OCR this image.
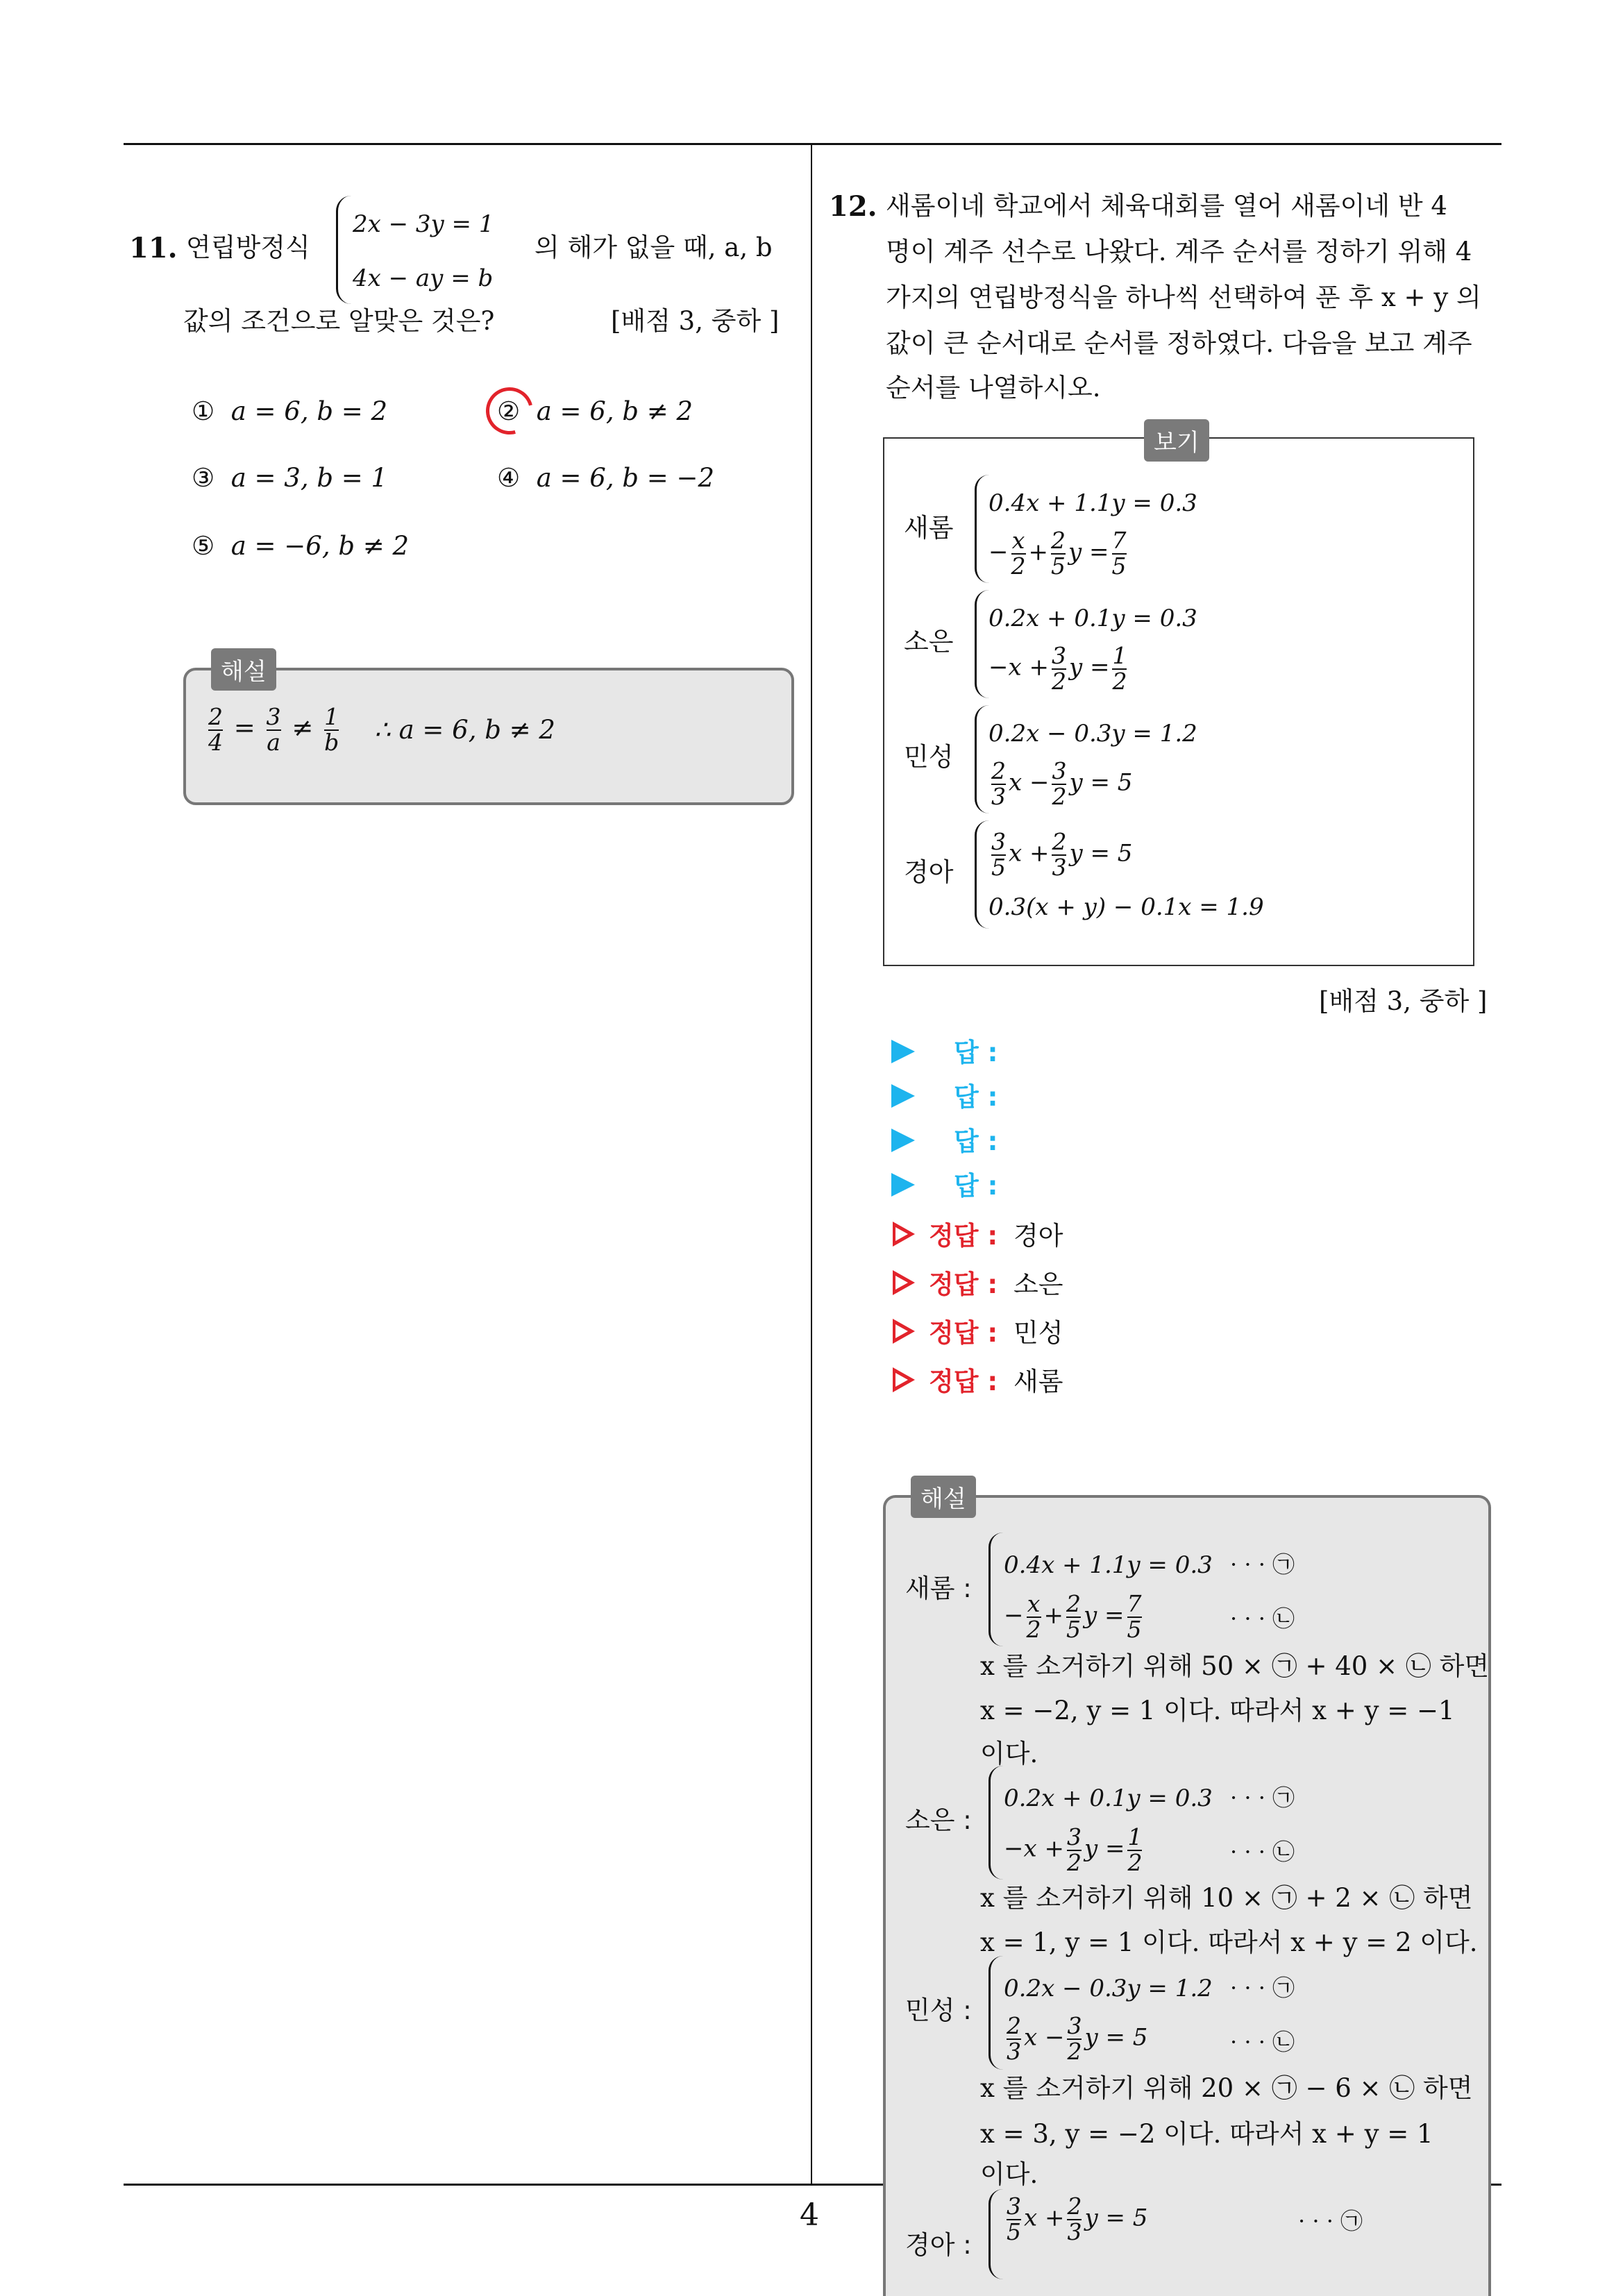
4
11. 연립방정식
2x − 3y = 1
4x − ay = b
의 해가 없을 때, a, b
값의 조건으로 알맞은 것은?	[배점 3, 중하 ]
① a = 6, b = 2	② a = 6, b ≠ 2
③ a = 3, b = 1	④ a = 6, b = −2
⑤ a = −6, b ≠ 2
해설
$\frac{2}{4} = \frac{3}{a} \ne \frac{1}{b}$ ∴ a = 6, b ≠ 2
12. 새롬이네 학교에서 체육대회를 열어 새롬이네 반 4
명이 계주 선수로 나왔다. 계주 순서를 정하기 위해 4
가지의 연립방정식을 하나씩 선택하여 푼 후 x + y 의
값이 큰 순서대로 순서를 정하였다. 다음을 보고 계주
순서를 나열하시오.
보기
새롬
0.4x + 1.1y = 0.3
− $\frac{x}{2} + \frac{2}{5}$ $y = \frac{7}{5}$
소은
0.2x + 0.1y = 0.3
$-x + \frac{3}{2}$ $y = \frac{1}{2}$
민성
0.2x − 0.3y = 1.2
$\frac{2}{3}$ $x - \frac{3}{2}$ y = 5
경아 $\frac{3}{5}$ $x + \frac{2}{3}$ y = 5
0.3(x + y) − 0.1x = 1.9
[배점 3, 중하 ]
답 :
답 :
답 :
답 :
정답 : 경아
정답 : 소은
정답 : 민성
정답 : 새롬
해설
새롬 :
0.4x + 1.1y = 0.3 · · · ㉠
− $\frac{x}{2} + \frac{2}{5}$ $y = \frac{7}{5}$	· · · ㉡
x 를 소거하기 위해 50 × ㉠ + 40 × ㉡ 하면
x = −2, y = 1 이다. 따라서 x + y = −1
이다.
소은 :
0.2x + 0.1y = 0.3 · · · ㉠
$-x + \frac{3}{2}$ $y = \frac{1}{2}$	· · · ㉡
x 를 소거하기 위해 10 × ㉠ + 2 × ㉡ 하면
x = 1, y = 1 이다. 따라서 x + y = 2 이다.
민성 :
0.2x − 0.3y = 1.2 · · · ㉠
$\frac{2}{3}$ $x - \frac{3}{2}$ y = 5	· · · ㉡
x 를 소거하기 위해 20 × ㉠ − 6 × ㉡ 하면
x = 3, y = −2 이다. 따라서 x + y = 1
이다.
경아 :
$\frac{3}{5}$ $x + \frac{2}{3}$ y = 5	· · · ㉠
